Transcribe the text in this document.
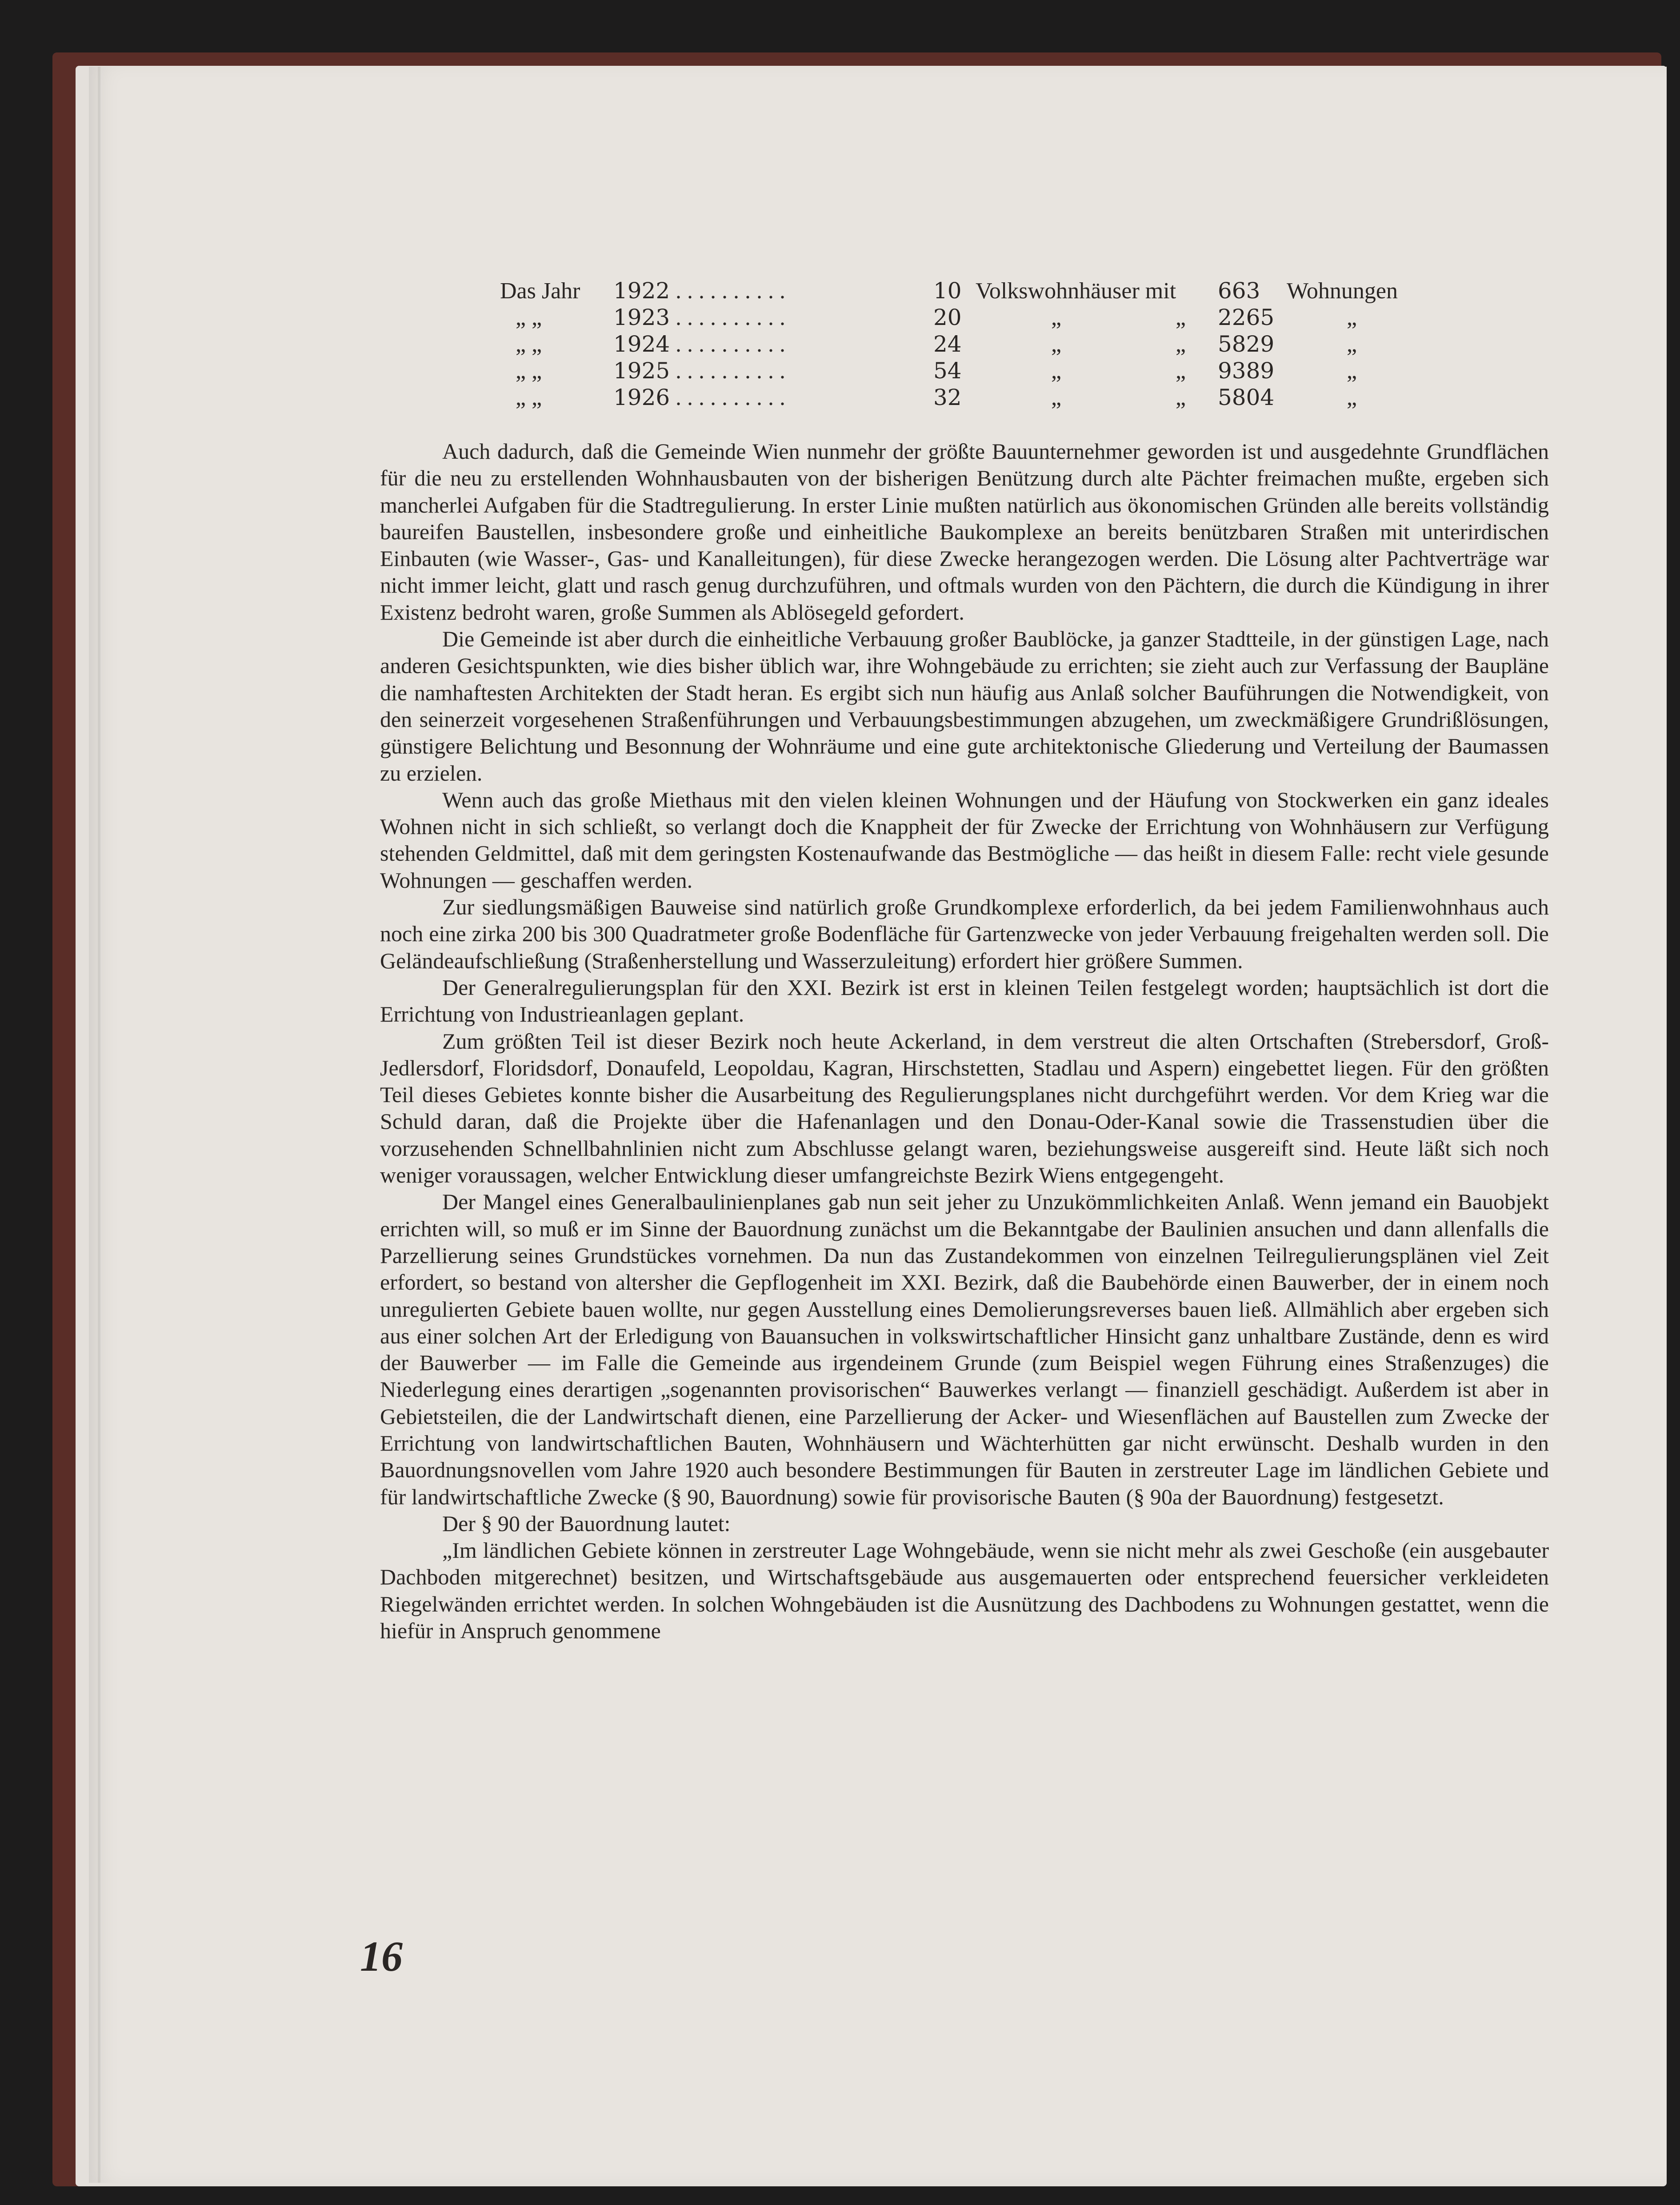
Das Jahr 1922 . . . . . . . . . .	10 Volkswohnhäuser mit 663 Wohnungen
„ „	1923 . . . . . . . . . .	20	„	„ 2265	„
„ „	1924 . . . . . . . . . .	24	„	„ 5829	„
„ „	1925 . . . . . . . . . .	54	„	„ 9389	„
„ „	1926 . . . . . . . . . .	32	„	„ 5804	„

Auch dadurch, daß die Gemeinde Wien nunmehr der größte Bauunternehmer geworden ist und ausgedehnte Grundflächen für die neu zu erstellenden Wohnhausbauten von der bisherigen Benützung durch alte Pächter freimachen mußte, ergeben sich mancherlei Aufgaben für die Stadtregulierung. In erster Linie mußten natürlich aus ökonomischen Gründen alle bereits vollständig baureifen Baustellen, insbesondere große und einheitliche Baukomplexe an bereits benützbaren Straßen mit unterirdischen Einbauten (wie Wasser-, Gas- und Kanalleitungen), für diese Zwecke herangezogen werden. Die Lösung alter Pachtverträge war nicht immer leicht, glatt und rasch genug durchzuführen, und oftmals wurden von den Pächtern, die durch die Kündigung in ihrer Existenz bedroht waren, große Summen als Ablösegeld gefordert.

Die Gemeinde ist aber durch die einheitliche Verbauung großer Baublöcke, ja ganzer Stadtteile, in der günstigen Lage, nach anderen Gesichtspunkten, wie dies bisher üblich war, ihre Wohngebäude zu errichten; sie zieht auch zur Verfassung der Baupläne die namhaftesten Architekten der Stadt heran. Es ergibt sich nun häufig aus Anlaß solcher Bauführungen die Notwendigkeit, von den seinerzeit vorgesehenen Straßenführungen und Verbauungsbestimmungen abzugehen, um zweckmäßigere Grundrißlösungen, günstigere Belichtung und Besonnung der Wohnräume und eine gute architektonische Gliederung und Verteilung der Baumassen zu erzielen.

Wenn auch das große Miethaus mit den vielen kleinen Wohnungen und der Häufung von Stockwerken ein ganz ideales Wohnen nicht in sich schließt, so verlangt doch die Knappheit der für Zwecke der Errichtung von Wohnhäusern zur Verfügung stehenden Geldmittel, daß mit dem geringsten Kostenaufwande das Bestmögliche — das heißt in diesem Falle: recht viele gesunde Wohnungen — geschaffen werden.

Zur siedlungsmäßigen Bauweise sind natürlich große Grundkomplexe erforderlich, da bei jedem Familienwohnhaus auch noch eine zirka 200 bis 300 Quadratmeter große Bodenfläche für Gartenzwecke von jeder Verbauung freigehalten werden soll. Die Geländeaufschließung (Straßenherstellung und Wasserzuleitung) erfordert hier größere Summen.

Der Generalregulierungsplan für den XXI. Bezirk ist erst in kleinen Teilen festgelegt worden; hauptsächlich ist dort die Errichtung von Industrieanlagen geplant.

Zum größten Teil ist dieser Bezirk noch heute Ackerland, in dem verstreut die alten Ortschaften (Strebersdorf, Groß-Jedlersdorf, Floridsdorf, Donaufeld, Leopoldau, Kagran, Hirschstetten, Stadlau und Aspern) eingebettet liegen. Für den größten Teil dieses Gebietes konnte bisher die Ausarbeitung des Regulierungsplanes nicht durchgeführt werden. Vor dem Krieg war die Schuld daran, daß die Projekte über die Hafenanlagen und den Donau-Oder-Kanal sowie die Trassenstudien über die vorzusehenden Schnellbahnlinien nicht zum Abschlusse gelangt waren, beziehungsweise ausgereift sind. Heute läßt sich noch weniger voraussagen, welcher Entwicklung dieser umfangreichste Bezirk Wiens entgegengeht.

Der Mangel eines Generalbaulinienplanes gab nun seit jeher zu Unzukömmlichkeiten Anlaß. Wenn jemand ein Bauobjekt errichten will, so muß er im Sinne der Bauordnung zunächst um die Bekanntgabe der Baulinien ansuchen und dann allenfalls die Parzellierung seines Grundstückes vornehmen. Da nun das Zustandekommen von einzelnen Teilregulierungsplänen viel Zeit erfordert, so bestand von altersher die Gepflogenheit im XXI. Bezirk, daß die Baubehörde einen Bauwerber, der in einem noch unregulierten Gebiete bauen wollte, nur gegen Ausstellung eines Demolierungsreverses bauen ließ. Allmählich aber ergeben sich aus einer solchen Art der Erledigung von Bauansuchen in volkswirtschaftlicher Hinsicht ganz unhaltbare Zustände, denn es wird der Bauwerber — im Falle die Gemeinde aus irgendeinem Grunde (zum Beispiel wegen Führung eines Straßenzuges) die Niederlegung eines derartigen „sogenannten provisorischen“ Bauwerkes verlangt — finanziell geschädigt. Außerdem ist aber in Gebietsteilen, die der Landwirtschaft dienen, eine Parzellierung der Acker- und Wiesenflächen auf Baustellen zum Zwecke der Errichtung von landwirtschaftlichen Bauten, Wohnhäusern und Wächterhütten gar nicht erwünscht. Deshalb wurden in den Bauordnungsnovellen vom Jahre 1920 auch besondere Bestimmungen für Bauten in zerstreuter Lage im ländlichen Gebiete und für landwirtschaftliche Zwecke (§ 90, Bauordnung) sowie für provisorische Bauten (§ 90a der Bauordnung) festgesetzt.

Der § 90 der Bauordnung lautet:

„Im ländlichen Gebiete können in zerstreuter Lage Wohngebäude, wenn sie nicht mehr als zwei Geschoße (ein ausgebauter Dachboden mitgerechnet) besitzen, und Wirtschaftsgebäude aus ausgemauerten oder entsprechend feuersicher verkleideten Riegelwänden errichtet werden. In solchen Wohngebäuden ist die Ausnützung des Dachbodens zu Wohnungen gestattet, wenn die hiefür in Anspruch genommene

16
